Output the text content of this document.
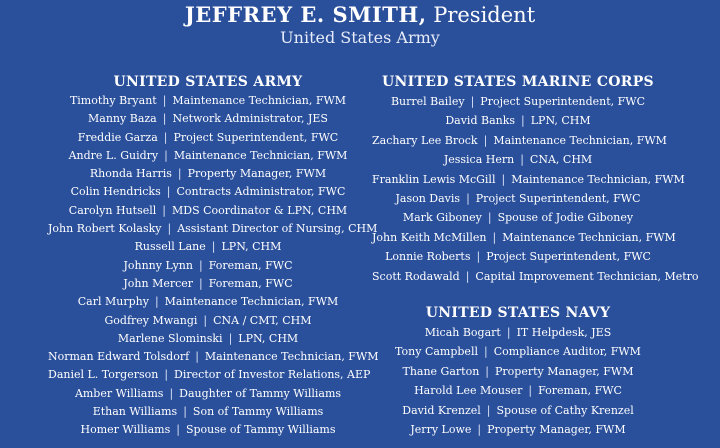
JEFFREY E. SMITH, President
United States Army
UNITED STATES ARMY
Timothy Bryant | Maintenance Technician, FWM
Manny Baza | Network Administrator, JES
Freddie Garza | Project Superintendent, FWC
Andre L. Guidry | Maintenance Technician, FWM
Rhonda Harris | Property Manager, FWM
Colin Hendricks | Contracts Administrator, FWC
Carolyn Hutsell | MDS Coordinator & LPN, CHM
John Robert Kolasky | Assistant Director of Nursing, CHM
Russell Lane | LPN, CHM
Johnny Lynn | Foreman, FWC
John Mercer | Foreman, FWC
Carl Murphy | Maintenance Technician, FWM
Godfrey Mwangi | CNA / CMT, CHM
Marlene Slominski | LPN, CHM
Norman Edward Tolsdorf | Maintenance Technician, FWM
Daniel L. Torgerson | Director of Investor Relations, AEP
Amber Williams | Daughter of Tammy Williams
Ethan Williams | Son of Tammy Williams
Homer Williams | Spouse of Tammy Williams
UNITED STATES MARINE CORPS
Burrel Bailey | Project Superintendent, FWC
David Banks | LPN, CHM
Zachary Lee Brock | Maintenance Technician, FWM
Jessica Hern | CNA, CHM
Franklin Lewis McGill | Maintenance Technician, FWM
Jason Davis | Project Superintendent, FWC
Mark Giboney | Spouse of Jodie Giboney
John Keith McMillen | Maintenance Technician, FWM
Lonnie Roberts | Project Superintendent, FWC
Scott Rodawald | Capital Improvement Technician, Metro
UNITED STATES NAVY
Micah Bogart | IT Helpdesk, JES
Tony Campbell | Compliance Auditor, FWM
Thane Garton | Property Manager, FWM
Harold Lee Mouser | Foreman, FWC
David Krenzel | Spouse of Cathy Krenzel
Jerry Lowe | Property Manager, FWM
